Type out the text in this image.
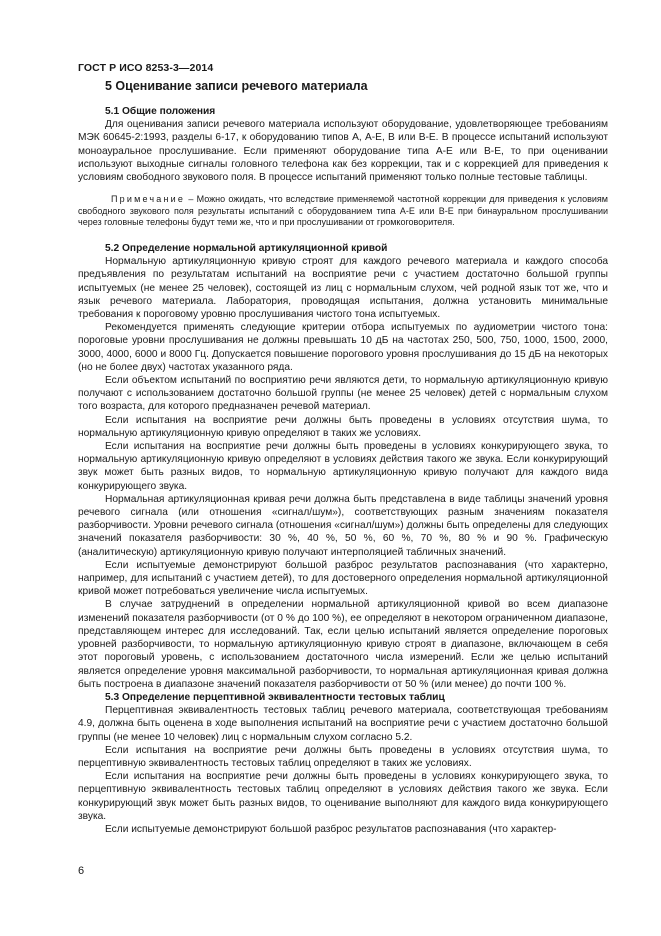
ГОСТ Р ИСО 8253-3—2014
5 Оценивание записи речевого материала
5.1 Общие положения

Для оценивания записи речевого материала используют оборудование, удовлетворяющее требованиям МЭК 60645-2:1993, разделы 6-17, к оборудованию типов А, А-Е, В или В-Е. В процессе испытаний используют моноауральное прослушивание. Если применяют оборудование типа А-Е или В-Е, то при оценивании используют выходные сигналы головного телефона как без коррекции, так и с коррекцией для приведения к условиям свободного звукового поля. В процессе испытаний применяют только полные тестовые таблицы.

Примечание – Можно ожидать, что вследствие применяемой частотной коррекции для приведения к условиям свободного звукового поля результаты испытаний с оборудованием типа А-Е или В-Е при бинауральном прослушивании через головные телефоны будут теми же, что и при прослушивании от громкоговорителя.
5.2 Определение нормальной артикуляционной кривой

Нормальную артикуляционную кривую строят для каждого речевого материала и каждого способа предъявления по результатам испытаний на восприятие речи с участием достаточно большой группы испытуемых (не менее 25 человек), состоящей из лиц с нормальным слухом, чей родной язык тот же, что и язык речевого материала. Лаборатория, проводящая испытания, должна установить минимальные требования к пороговому уровню прослушивания чистого тона испытуемых.

Рекомендуется применять следующие критерии отбора испытуемых по аудиометрии чистого тона: пороговые уровни прослушивания не должны превышать 10 дБ на частотах 250, 500, 750, 1000, 1500, 2000, 3000, 4000, 6000 и 8000 Гц. Допускается повышение порогового уровня прослушивания до 15 дБ на некоторых (но не более двух) частотах указанного ряда.

Если объектом испытаний по восприятию речи являются дети, то нормальную артикуляционную кривую получают с использованием достаточно большой группы (не менее 25 человек) детей с нормальным слухом того возраста, для которого предназначен речевой материал.

Если испытания на восприятие речи должны быть проведены в условиях отсутствия шума, то нормальную артикуляционную кривую определяют в таких же условиях.

Если испытания на восприятие речи должны быть проведены в условиях конкурирующего звука, то нормальную артикуляционную кривую определяют в условиях действия такого же звука. Если конкурирующий звук может быть разных видов, то нормальную артикуляционную кривую получают для каждого вида конкурирующего звука.

Нормальная артикуляционная кривая речи должна быть представлена в виде таблицы значений уровня речевого сигнала (или отношения «сигнал/шум»), соответствующих разным значениям показателя разборчивости. Уровни речевого сигнала (отношения «сигнал/шум») должны быть определены для следующих значений показателя разборчивости: 30 %, 40 %, 50 %, 60 %, 70 %, 80 % и 90 %. Графическую (аналитическую) артикуляционную кривую получают интерполяцией табличных значений.

Если испытуемые демонстрируют большой разброс результатов распознавания (что характерно, например, для испытаний с участием детей), то для достоверного определения нормальной артикуляционной кривой может потребоваться увеличение числа испытуемых.

В случае затруднений в определении нормальной артикуляционной кривой во всем диапазоне изменений показателя разборчивости (от 0 % до 100 %), ее определяют в некотором ограниченном диапазоне, представляющем интерес для исследований. Так, если целью испытаний является определение пороговых уровней разборчивости, то нормальную артикуляционную кривую строят в диапазоне, включающем в себя этот пороговый уровень, с использованием достаточного числа измерений. Если же целью испытаний является определение уровня максимальной разборчивости, то нормальная артикуляционная кривая должна быть построена в диапазоне значений показателя разборчивости от 50 % (или менее) до почти 100 %.

5.3 Определение перцептивной эквивалентности тестовых таблиц

Перцептивная эквивалентность тестовых таблиц речевого материала, соответствующая требованиям 4.9, должна быть оценена в ходе выполнения испытаний на восприятие речи с участием достаточно большой группы (не менее 10 человек) лиц с нормальным слухом согласно 5.2.

Если испытания на восприятие речи должны быть проведены в условиях отсутствия шума, то перцептивную эквивалентность тестовых таблиц определяют в таких же условиях.

Если испытания на восприятие речи должны быть проведены в условиях конкурирующего звука, то перцептивную эквивалентность тестовых таблиц определяют в условиях действия такого же звука. Если конкурирующий звук может быть разных видов, то оценивание выполняют для каждого вида конкурирующего звука.

Если испытуемые демонстрируют большой разброс результатов распознавания (что характер-

6
